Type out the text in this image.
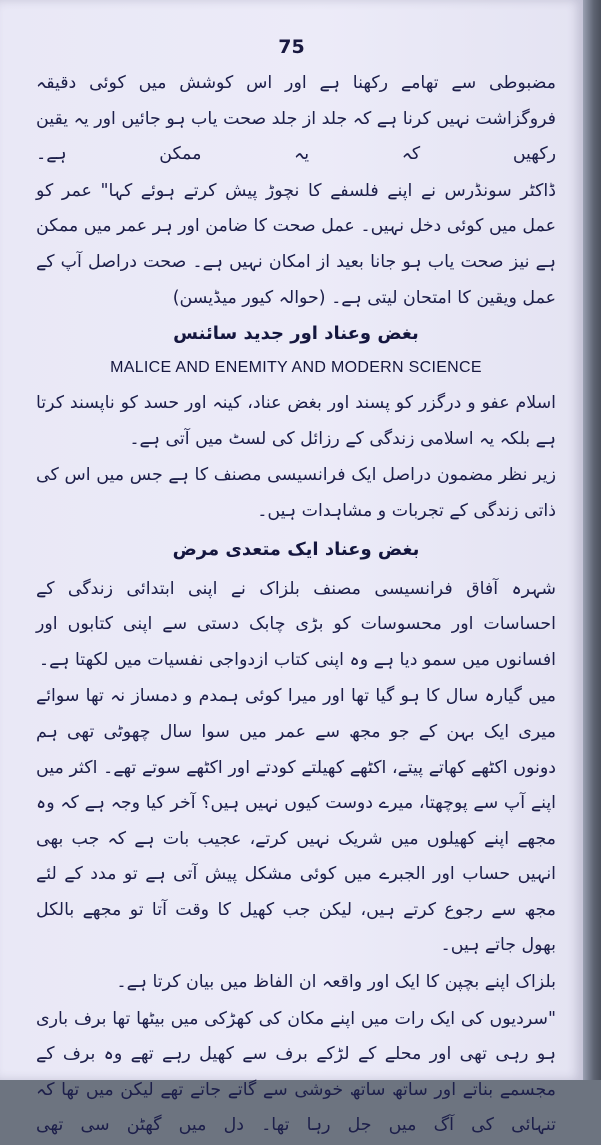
75

مضبوطی سے تھامے رکھنا ہے اور اس کوشش میں کوئی دقیقہ فروگزاشت نہیں کرنا ہے کہ جلد از جلد صحت یاب ہو جائیں اور یہ یقین رکھیں کہ یہ ممکن ہے۔

ڈاکٹر سونڈرس نے اپنے فلسفے کا نچوڑ پیش کرتے ہوئے کہا" عمر کو عمل میں کوئی دخل نہیں۔ عمل صحت کا ضامن اور ہر عمر میں ممکن ہے نیز صحت یاب ہو جانا بعید از امکان نہیں ہے۔ صحت دراصل آپ کے عمل ویقین کا امتحان لیتی ہے۔ (حوالہ کیور میڈیسن)

بغض وعناد اور جدید سائنس
MALICE AND ENEMITY AND MODERN SCIENCE

اسلام عفو و درگزر کو پسند اور بغض عناد، کینہ اور حسد کو ناپسند کرتا ہے بلکہ یہ اسلامی زندگی کے رزائل کی لسٹ میں آتی ہے۔

زیر نظر مضمون دراصل ایک فرانسیسی مصنف کا ہے جس میں اس کی ذاتی زندگی کے تجربات و مشاہدات ہیں۔

بغض وعناد ایک متعدی مرض

شہرہ آفاق فرانسیسی مصنف بلزاک نے اپنی ابتدائی زندگی کے احساسات اور محسوسات کو بڑی چابک دستی سے اپنی کتابوں اور افسانوں میں سمو دیا ہے وہ اپنی کتاب ازدواجی نفسیات میں لکھتا ہے۔

میں گیارہ سال کا ہو گیا تھا اور میرا کوئی ہمدم و دمساز نہ تھا سوائے میری ایک بہن کے جو مجھ سے عمر میں سوا سال چھوٹی تھی ہم دونوں اکٹھے کھاتے پیتے، اکٹھے کھیلتے کودتے اور اکٹھے سوتے تھے۔ اکثر میں اپنے آپ سے پوچھتا، میرے دوست کیوں نہیں ہیں؟ آخر کیا وجہ ہے کہ وہ مجھے اپنے کھیلوں میں شریک نہیں کرتے، عجیب بات ہے کہ جب بھی انہیں حساب اور الجبرے میں کوئی مشکل پیش آتی ہے تو مدد کے لئے مجھ سے رجوع کرتے ہیں، لیکن جب کھیل کا وقت آتا تو مجھے بالکل بھول جاتے ہیں۔

بلزاک اپنے بچپن کا ایک اور واقعہ ان الفاظ میں بیان کرتا ہے۔

"سردیوں کی ایک رات میں اپنے مکان کی کھڑکی میں بیٹھا تھا برف باری ہو رہی تھی اور محلے کے لڑکے برف سے کھیل رہے تھے وہ برف کے مجسمے بناتے اور ساتھ ساتھ خوشی سے گاتے جاتے تھے لیکن میں تھا کہ تنہائی کی آگ میں جل رہا تھا۔ دل میں گھٹن سی تھی
